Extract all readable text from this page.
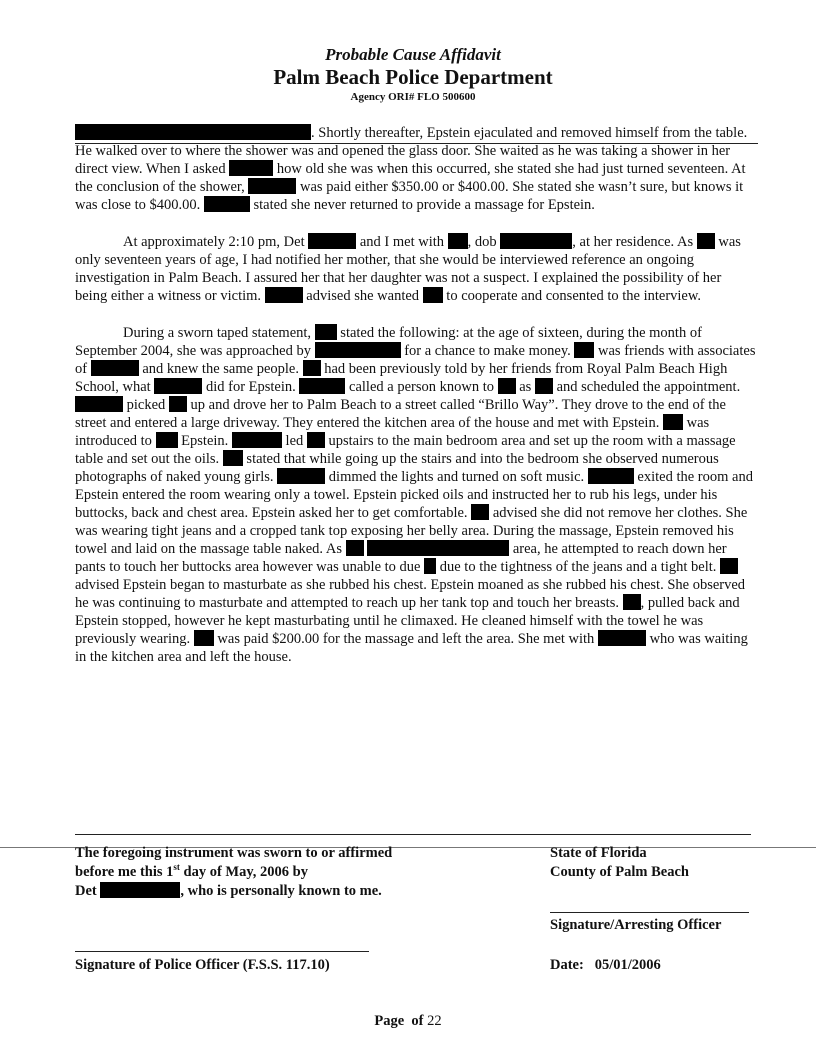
Probable Cause Affidavit
Palm Beach Police Department
Agency ORI# FLO 500600

. Shortly thereafter, Epstein ejaculated and removed himself from the table. He walked over to where the shower was and opened the glass door. She waited as he was taking a shower in her direct view. When I asked	how old she was when this occurred, she stated she had just turned seventeen. At the conclusion of the shower,	was paid either $350.00 or $400.00. She stated she wasn’t sure, but knows it was close to $400.00.	stated she never returned to provide a massage for Epstein.

At approximately 2:10 pm, Det	and I met with , dob	, at her residence. As  was only seventeen years of age, I had notified her mother, that she would be interviewed reference an ongoing investigation in Palm Beach. I assured her that her daughter was not a suspect. I explained the possibility of her being either a witness or victim.	advised she wanted  to cooperate and consented to the interview.

During a sworn taped statement,  stated the following: at the age of sixteen, during the month of September 2004, she was approached by	for a chance to make money.  was friends with associates of	and knew the same people.  had been previously told by her friends from Royal Palm Beach High School, what	did for Epstein.	called a person known to  as  and scheduled the appointment.  picked  up and drove her to Palm Beach to a street called “Brillo Way”. They drove to the end of the street and entered a large driveway. They entered the kitchen area of the house and met with Epstein.  was introduced to  Epstein.	led  upstairs to the main bedroom area and set up the room with a massage table and set out the oils.  stated that while going up the stairs and into the bedroom she observed numerous photographs of naked young girls.	dimmed the lights and turned on soft music.	exited the room and Epstein entered the room wearing only a towel. Epstein picked oils and instructed her to rub his legs, under his buttocks, back and chest area. Epstein asked her to get comfortable.  advised she did not remove her clothes. She was wearing tight jeans and a cropped tank top exposing her belly area. During the massage, Epstein removed his towel and laid on the massage table naked. As	area, he attempted to reach down her pants to touch her buttocks area however was unable to due  due to the tightness of the jeans and a tight belt.  advised Epstein began to masturbate as she rubbed his chest. Epstein moaned as she rubbed his chest. She observed he was continuing to masturbate and attempted to reach up her tank top and touch her breasts. , pulled back and Epstein stopped, however he kept masturbating until he climaxed. He cleaned himself with the towel he was previously wearing.  was paid $200.00 for the massage and left the area. She met with	who was waiting in the kitchen area and left the house.

The foregoing instrument was sworn to or affirmed
before me this 1st day of May, 2006 by
Det	, who is personally known to me.
State of Florida
County of Palm Beach
Signature/Arresting Officer
Signature of Police Officer (F.S.S. 117.10)	Date: 05/01/2006
Page of 22
